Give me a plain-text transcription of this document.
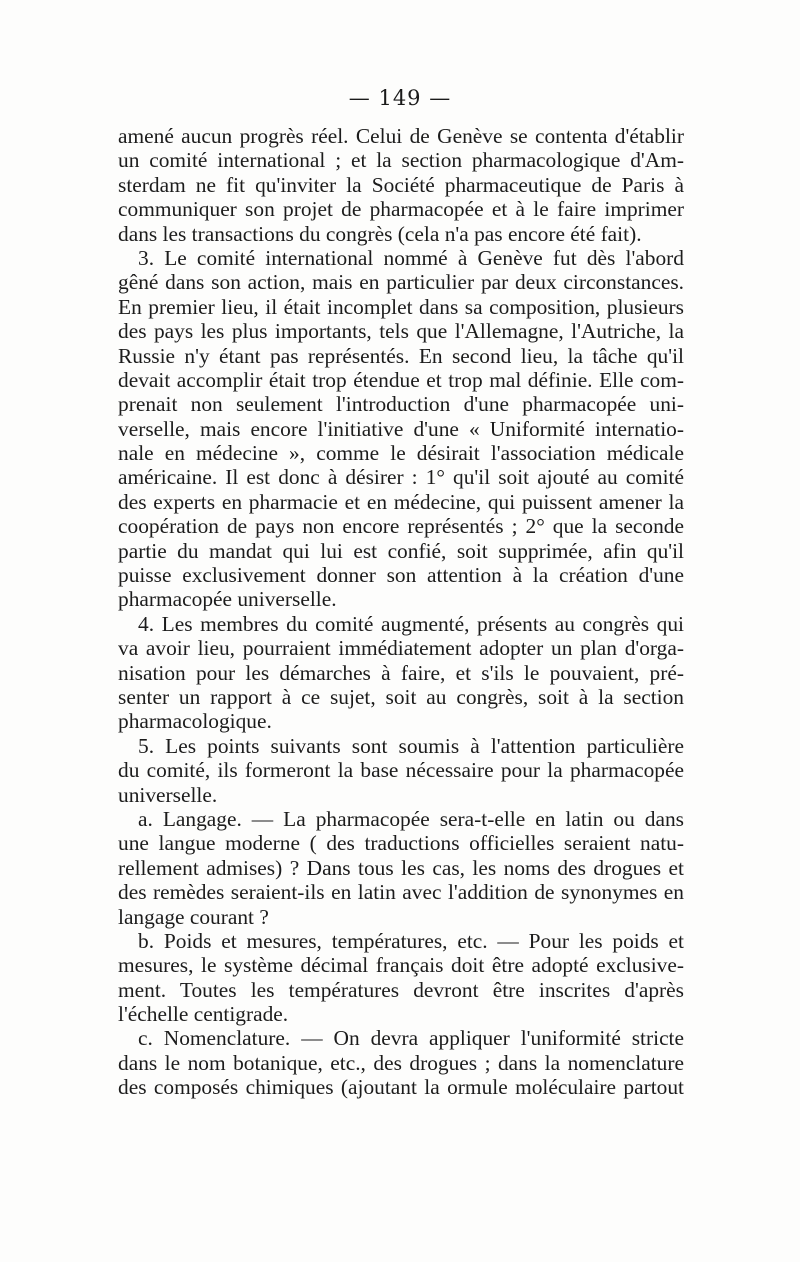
— 149 —
amené aucun progrès réel. Celui de Genève se contenta d'établir
un comité international ; et la section pharmacologique d'Am-
sterdam ne fit qu'inviter la Société pharmaceutique de Paris à
communiquer son projet de pharmacopée et à le faire imprimer
dans les transactions du congrès (cela n'a pas encore été fait).
3. Le comité international nommé à Genève fut dès l'abord
gêné dans son action, mais en particulier par deux circonstances.
En premier lieu, il était incomplet dans sa composition, plusieurs
des pays les plus importants, tels que l'Allemagne, l'Autriche, la
Russie n'y étant pas représentés. En second lieu, la tâche qu'il
devait accomplir était trop étendue et trop mal définie. Elle com-
prenait non seulement l'introduction d'une pharmacopée uni-
verselle, mais encore l'initiative d'une « Uniformité internatio-
nale en médecine », comme le désirait l'association médicale
américaine. Il est donc à désirer : 1° qu'il soit ajouté au comité
des experts en pharmacie et en médecine, qui puissent amener la
coopération de pays non encore représentés ; 2° que la seconde
partie du mandat qui lui est confié, soit supprimée, afin qu'il
puisse exclusivement donner son attention à la création d'une
pharmacopée universelle.
4. Les membres du comité augmenté, présents au congrès qui
va avoir lieu, pourraient immédiatement adopter un plan d'orga-
nisation pour les démarches à faire, et s'ils le pouvaient, pré-
senter un rapport à ce sujet, soit au congrès, soit à la section
pharmacologique.
5. Les points suivants sont soumis à l'attention particulière
du comité, ils formeront la base nécessaire pour la pharmacopée
universelle.
a. Langage. — La pharmacopée sera-t-elle en latin ou dans
une langue moderne ( des traductions officielles seraient natu-
rellement admises) ? Dans tous les cas, les noms des drogues et
des remèdes seraient-ils en latin avec l'addition de synonymes en
langage courant ?
b. Poids et mesures, températures, etc. — Pour les poids et
mesures, le système décimal français doit être adopté exclusive-
ment. Toutes les températures devront être inscrites d'après
l'échelle centigrade.
c. Nomenclature. — On devra appliquer l'uniformité stricte
dans le nom botanique, etc., des drogues ; dans la nomenclature
des composés chimiques (ajoutant la ormule moléculaire partout
